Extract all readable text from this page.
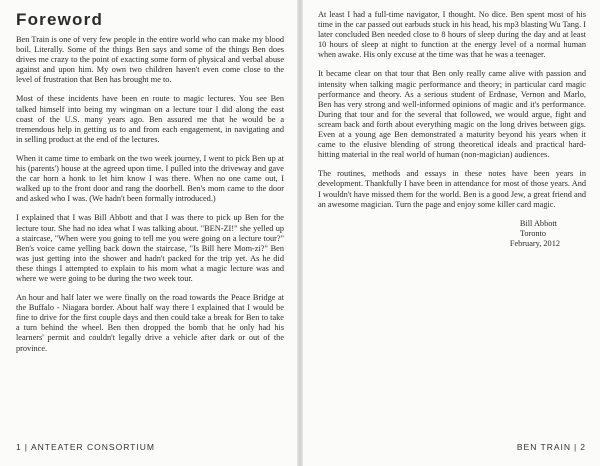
Foreword

Ben Train is one of very few people in the entire world who can make my blood boil. Literally. Some of the things Ben says and some of the things Ben does drives me crazy to the point of exacting some form of physical and verbal abuse against and upon him. My own two children haven't even come close to the level of frustration that Ben has brought me to.

Most of these incidents have been en route to magic lectures. You see Ben talked himself into being my wingman on a lecture tour I did along the east coast of the U.S. many years ago. Ben assured me that he would be a tremendous help in getting us to and from each engagement, in navigating and in selling product at the end of the lectures.

When it came time to embark on the two week journey, I went to pick Ben up at his (parents') house at the agreed upon time. I pulled into the driveway and gave the car horn a honk to let him know I was there. When no one came out, I walked up to the front door and rang the doorbell. Ben's mom came to the door and asked who I was. (We hadn't been formally introduced.)

I explained that I was Bill Abbott and that I was there to pick up Ben for the lecture tour. She had no idea what I was talking about. "BEN-ZI!" she yelled up a staircase, "When were you going to tell me you were going on a lecture tour?" Ben's voice came yelling back down the staircase, "Is Bill here Mom-zi?" Ben was just getting into the shower and hadn't packed for the trip yet. As he did these things I attempted to explain to his mom what a magic lecture was and where we were going to be during the two week tour.

An hour and half later we were finally on the road towards the Peace Bridge at the Buffalo - Niagara border. About half way there I explained that I would be fine to drive for the first couple days and then could take a break for Ben to take a turn behind the wheel. Ben then dropped the bomb that he only had his learners' permit and couldn't legally drive a vehicle after dark or out of the province.

1 | ANTEATER CONSORTIUM

At least I had a full-time navigator, I thought. No dice. Ben spent most of his time in the car passed out earbuds stuck in his head, his mp3 blasting Wu Tang. I later concluded Ben needed close to 8 hours of sleep during the day and at least 10 hours of sleep at night to function at the energy level of a normal human when awake. His only excuse at the time was that he was a teenager.

It became clear on that tour that Ben only really came alive with passion and intensity when talking magic performance and theory; in particular card magic performance and theory. As a serious student of Erdnase, Vernon and Marlo, Ben has very strong and well-informed opinions of magic and it's performance. During that tour and for the several that followed, we would argue, fight and scream back and forth about everything magic on the long drives between gigs. Even at a young age Ben demonstrated a maturity beyond his years when it came to the elusive blending of strong theoretical ideals and practical hard-hitting material in the real world of human (non-magician) audiences.

The routines, methods and essays in these notes have been years in development. Thankfully I have been in attendance for most of those years. And I wouldn't have missed them for the world. Ben is a good Jew, a great friend and an awesome magician. Turn the page and enjoy some killer card magic.

Bill Abbott
Toronto
February, 2012
BEN TRAIN | 2
